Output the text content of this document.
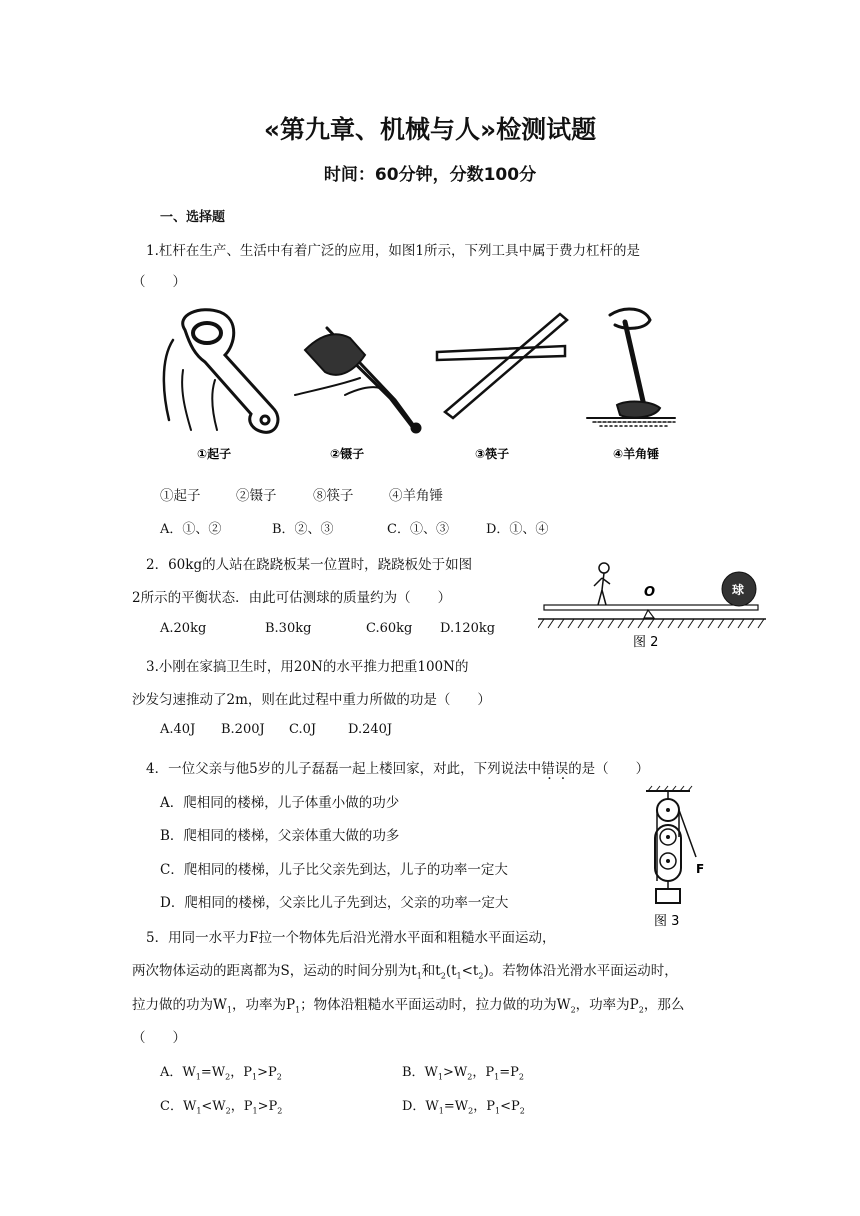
«第九章、机械与人»检测试题
时间：60分钟，分数100分
一、选择题
1.杠杆在生产、生活中有着广泛的应用，如图1所示，下列工具中属于费力杠杆的是
（　　）
①起子	②镊子	③筷子	④羊角锤
①起子	②镊子	⑧筷子	④羊角锤
A．①、②	B．②、③	C．①、③	D．①、④
2．60kg的人站在跷跷板某一位置时，跷跷板处于如图
2所示的平衡状态．由此可估测球的质量约为（　　）
A.20kg	B.30kg	C.60kg D.120kg
O	球
图 2
3.小刚在家搞卫生时，用20N的水平推力把重100N的
沙发匀速推动了2m，则在此过程中重力所做的功是（　　）
A.40J B.200J C.0J D.240J
4．一位父亲与他5岁的儿子磊磊一起上楼回家，对此，下列说法中错误的是（　　）
A．爬相同的楼梯，儿子体重小做的功少
B．爬相同的楼梯，父亲体重大做的功多
C．爬相同的楼梯，儿子比父亲先到达，儿子的功率一定大
D．爬相同的楼梯，父亲比儿子先到达，父亲的功率一定大
F
图 3
5．用同一水平力F拉一个物体先后沿光滑水平面和粗糙水平面运动，
两次物体运动的距离都为S，运动的时间分别为$t_1$和$t_2(t_1<t_2)$。若物体沿光滑水平面运动时，
拉力做的功为$W_1$，功率为$P_1$；物体沿粗糙水平面运动时，拉力做的功为$W_2$，功率为$P_2$，那么
（　　）
A．$W_1=W_2$，$P_1>P_2$	B．$W_1>W_2$，$P_1=P_2$
C．$W_1<W_2$，$P_1>P_2$	D．$W_1=W_2$，$P_1<P_2$
